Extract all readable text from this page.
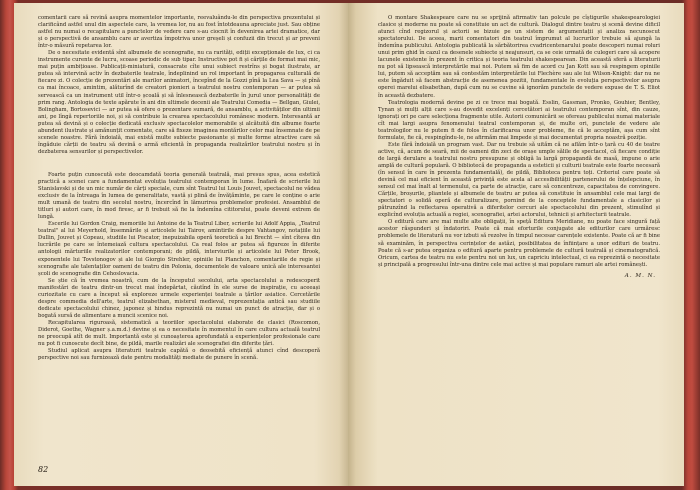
comentarii care să revină asupra momentelor importante, reevaluându-le din perspectiva prezentului și clarificând astfel unul din aspectele care, la vremea lor, nu au fost întotdeauna apreciate just. Sau obține astfel nu numai o recapitulare a punctelor de vedere care s-au ciocnit în devenirea artei dramatice, dar și o perspectivă de ansamblu care ar avertiza împotriva unor greșeli și confuzii din trecut și ar preveni într-o măsură repetarea lor.

De o necesitate evidentă sînt albumele de scenografie, nu ca rarități, ediții excepționale de lux, ci ca instrumente curente de lucru, scoase periodic de sub tipar. Instructive pot fi și cărțile de format mai mic, mai puțin ambițioase. Publicații-miniatură, consacrate cîte unui subiect restrîns și bogat ilustrate, ar putea să intervină activ în dezbaterile teatrale, îndeplinind un rol important în propagarea culturală de fiecare zi. O colecție de prezentări ale marilor animatori, începînd de la Gozzi pînă la Lea Sava — și pînă ca mai încoace, amintim, alăturînd de creatori pionieri a teatrului nostru contemporan — ar putea să servească ca un instrument util într-o școală și să înlesnească dezbaterile în jurul unor personalități de prim rang. Antologia de texte apărute în ani din ultimele decenii ale Teatrului Comedia — Bellgan, Giulei, Bolingham, Bortosevici — ar putea să ofere o prezentare sumară, de ansamblu, a activităților din ultimii ani, pe lîngă repertoriile noi, și să contribuie la crearea spectacolului românesc modern. Interesantă ar putea să devină și o colecție dedicată exclusiv spectacolelor memorabile și alcătuită din albume foarte abundent ilustrate și amănunțit comentate, care să fixeze imaginea montărilor celor mai însemnate de pe scenele noastre. Fără îndoială, mai există multe subiecte pasionante și multe forme atractive care să îngăduie cărții de teatru să devină o armă eficientă în propaganda realizărilor teatrului nostru și în dezbaterea sensurilor și perspectivelor.

Foarte puțin cunoscută este deocamdată teoria generală teatrală, mai presus spus, acea estetică practică a scenei care a fundamentat evoluția teatrului contemporan în lume. Înafară de scrierile lui Stanislavski și de un mic număr de cărți speciale, cum sînt Teatrul lui Louis Jouvet, spectacolul ne vădea exclusiv de la întreaga în lumea de generalitate, vastă și plină de învățăminte, pe care le conține o arie mult umană de teatru din secolul nostru, încercînd în lămurirea problemelor profesiei. Ansamblul de titluri și autori care, în mod firesc, ar fi trebuit să fie la îndemîna cititorului, poate deveni extrem de lungă.

Escerile lui Gordon Craig, memoriile lui Antoine de la Teatrul Liber, scrierile lui Adolf Appia, „Teatrul teatral" al lui Meyerhold, însemnările și articolele lui Tairov, amintirile despre Vahtangov, notațiile lui Dullin, Jouvet și Copeau, studiile lui Piscator, inepuizabila operă teoretică a lui Brecht — sînt cîteva din lucrările pe care se întemeiază cultura spectacolului. Ca real folos ar putea să figureze în diferite antologii mărturiile realizatorilor contemporani; de pildă, interviurile și articolele lui Peter Brook, exponentele lui Tovstonogov și ale lui Giorgio Strehler, opiniile lui Planchon, comentariile de regie și scenografie ale talentaților oameni de teatru din Polonia, documentele de valoare unică ale interesantei școli de scenografie din Cehoslovacia.

Se știe că în vremea noastră, cum de la începutul secolului, arta spectacolului a redescoperit manifestări de teatru dintr-un trecut mai îndepărtat, căutînd în ele surse de inspirație, cu aceeași curiozitate cu care a început să exploreze urmele experienței teatrale a țărilor asiatice. Cercetările despre commedia dell'arte, teatrul elizabethan, misterul medieval, reprezentația antică sau studiile dedicate spectacolului chinez, japonez și hindus reprezintă nu numai un punct de atracție, dar și o bogată sursă de alimentare a muncii scenice noi.

Recapitularea riguroasă, sistematică a teoriilor spectacolului elaborate de clasici (Roscomon, Diderot, Goethe, Wagner ș.a.m.d.) devine și ea o necesitate în momentul în care cultura actuală teatrul ne preocupă atît de mult. Importantă este și cunoașterea aprofundată a experiențelor profesionale care nu pot fi cunoscute decît bine, de pildă, marile realizări ale scenografiei din diferite țări.

Studiul aplicat asupra literaturii teatrale capătă o deosebită eficiență atunci cînd descoperă perspective noi sau furnizează date pentru modalități mediate de punere în scenă.

82

O montare Shakespeare care nu se sprijină afirmativ tan polcule pe cîștigurile shakespearologiei clasice și moderne nu poate să constituie un act de cultură. Dialogul dintre teatru și scenă devine dificil atunci cînd regizorul și actorii se bizuie pe un sistem de argumentații și analiza necunoscut spectatorului. De aceea, marii comentatori din teatrul împrumut al lucrurilor trebuie să ajungă la îndemîna publicului. Antologia publicată la sărbătorirea cvadricentenarului poate descoperi numai roluri unui prim ghid în cazul ca desenele subiecte și neajunsuri, ca se ceie urmată de culegeri care să acopere lacunele existente în prezent în critica și teoria teatrului shakespearean. Din această sferă a literaturii nu pot să lipsească interpretările mai noi. Putem să fim de acord cu Jan Kott sau să respingem opiniile lui, putem să acceptăm sau să contestăm interpretările lui Flechère sau ale lui Wilson-Knight: dar nu ne este îngăduit să facem abstracție de asemenea pozitii, fundamentale în evoluția perspectivelor asupra operei marelui elisabethan, după cum nu se cuvine să ignorăm punctele de vedere expuse de T. S. Eliot în această dezbatere.

Teatrologia modernă devine pe zi ce trece mai bogată. Esslin, Gassman, Pronko, Gouhier, Bentley, Tynan și mulți alții care s-au dovedit excelenți cercetători ai teatrului contemporan sînt, din cauze, ignorați ori pe care selecționa fragmente utile. Autorii comunicării se ofereau publicului numai materiale cît mai largi asupra fenomenului teatral contemporan și, de multe ori, punctele de vedere ale teatrologilor nu le putem fi de folos în clarificarea unor probleme, fie că le acceptăm, așa cum sînt formulate, fie că, respingîndu-le, ne afirmăm mai limpede și mai documentat propria noastră poziție.

Este fără îndoială un program vast. Dar nu trebuie să uităm că ne aflăm într-o țară cu 40 de teatre active, că, acum de seară, mii de oameni din zeci de orașe umple sălile de spectacol, că fiecare condiție de largă derulare a teatrului nostru presupune și obligă la largă propagandă de masă, impune o arie amplă de cultură populară. O bibliotecă de propaganda a esteticii și culturii teatrale este foarte necesară (în sensul în care în prezenta fundamentală), de pildă, Biblioteca pentru toți. Criteriul care poate să devină cel mai eficient în această privință este acela al accesibilității partenerului de înțelepciune, în sensul cel mai înalt al termenului, ca parte de atracție, care să concentreze, capacitatea de convingere. Cărțile, broșurile, pliantele și albumele de teatru ar putea să constituie în ansamblul cele mai largi de spectatori o solidă operă de culturalizare, pornind de la conceptele fundamentale a clasicilor și pătrunzînd la reflectarea operativă a diferitelor cercuri ale spectacolului din prezent, stimulînd și explicînd evoluția actuală a regiei, scenografiei, artei actorului, tehnicii și arhitecturii teatrale.

O editură care are mai multe alte obligații, în speță Editura Meridiane, nu poate face singură față acestor răspunderi și îndatoriri. Poate că mai eforturile conjugate ale editurilor care urmăresc problemele de literatură nu vor izbuti să rezolve în timpul necesar carențele existente. Poate că ar fi bine să examinăm, în perspectiva cerințelor de astăzi, posibilitatea de înființare a unor edituri de teatru. Poate că s-ar putea organiza o editură aparte pentru problemele de cultură teatrală și cinematografică. Oricum, cartea de teatru nu este pentru noi un lux, un capriciu intelectual, ci ea reprezintă o necesitate și principală a progresului într-una dintre cele mai active și mai populare ramuri ale artei românești.

A. M. N.
